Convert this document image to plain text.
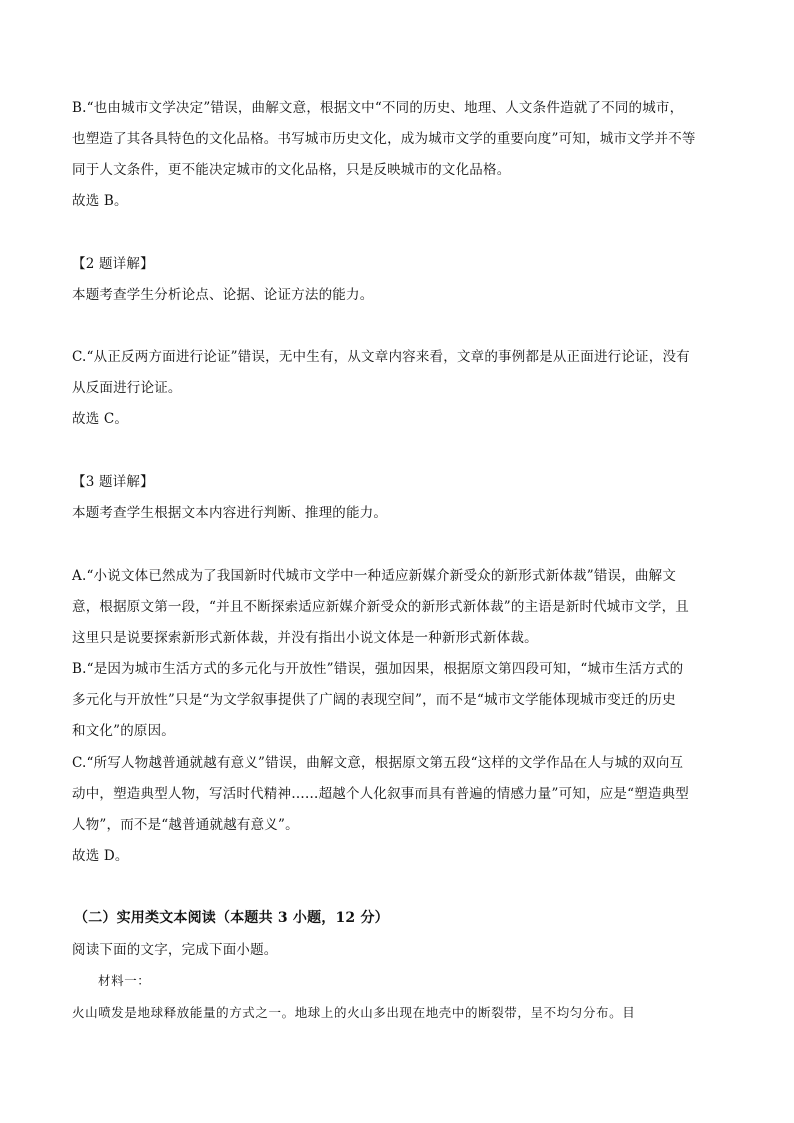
B.“也由城市文学决定”错误，曲解文意，根据文中“不同的历史、地理、人文条件造就了不同的城市，
也塑造了其各具特色的文化品格。书写城市历史文化，成为城市文学的重要向度”可知，城市文学并不等
同于人文条件，更不能决定城市的文化品格，只是反映城市的文化品格。
故选 B。
【2 题详解】
本题考查学生分析论点、论据、论证方法的能力。
C.“从正反两方面进行论证”错误，无中生有，从文章内容来看，文章的事例都是从正面进行论证，没有
从反面进行论证。
故选 C。
【3 题详解】
本题考查学生根据文本内容进行判断、推理的能力。
A.“小说文体已然成为了我国新时代城市文学中一种适应新媒介新受众的新形式新体裁”错误，曲解文
意，根据原文第一段，“并且不断探索适应新媒介新受众的新形式新体裁”的主语是新时代城市文学，且
这里只是说要探索新形式新体裁，并没有指出小说文体是一种新形式新体裁。
B.“是因为城市生活方式的多元化与开放性”错误，强加因果，根据原文第四段可知，“城市生活方式的
多元化与开放性”只是“为文学叙事提供了广阔的表现空间”，而不是“城市文学能体现城市变迁的历史
和文化”的原因。
C.“所写人物越普通就越有意义”错误，曲解文意，根据原文第五段“这样的文学作品在人与城的双向互
动中，塑造典型人物，写活时代精神……超越个人化叙事而具有普遍的情感力量”可知，应是“塑造典型
人物”，而不是“越普通就越有意义”。
故选 D。
（二）实用类文本阅读（本题共 3 小题，12 分）
阅读下面的文字，完成下面小题。
材料一：
火山喷发是地球释放能量的方式之一。地球上的火山多出现在地壳中的断裂带，呈不均匀分布。目
